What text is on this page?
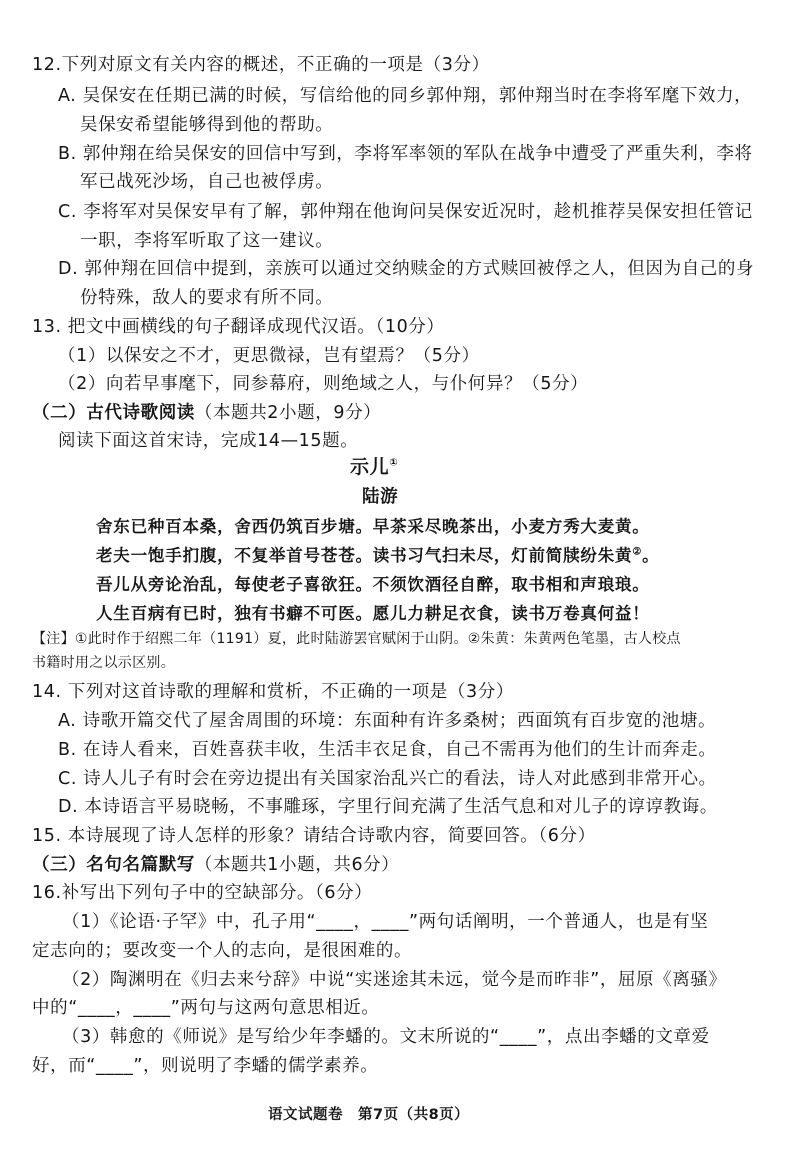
12.下列对原文有关内容的概述，不正确的一项是（3分）
A. 吴保安在任期已满的时候，写信给他的同乡郭仲翔，郭仲翔当时在李将军麾下效力，
吴保安希望能够得到他的帮助。
B. 郭仲翔在给吴保安的回信中写到，李将军率领的军队在战争中遭受了严重失利，李将
军已战死沙场，自己也被俘虏。
C. 李将军对吴保安早有了解，郭仲翔在他询问吴保安近况时，趁机推荐吴保安担任管记
一职，李将军听取了这一建议。
D. 郭仲翔在回信中提到，亲族可以通过交纳赎金的方式赎回被俘之人，但因为自己的身
份特殊，敌人的要求有所不同。
13. 把文中画横线的句子翻译成现代汉语。（10分）
（1）以保安之不才，更思微禄，岂有望焉？（5分）
（2）向若早事麾下，同参幕府，则绝域之人，与仆何异？（5分）
（二）古代诗歌阅读（本题共2小题，9分）
阅读下面这首宋诗，完成14—15题。
示儿①
陆游
舍东已种百本桑，舍西仍筑百步塘。早茶采尽晚茶出，小麦方秀大麦黄。
老夫一饱手扪腹，不复举首号苍苍。读书习气扫未尽，灯前简牍纷朱黄②。
吾儿从旁论治乱，每使老子喜欲狂。不须饮酒径自醉，取书相和声琅琅。
人生百病有已时，独有书癖不可医。愿儿力耕足衣食，读书万卷真何益！
【注】①此时作于绍熙二年（1191）夏，此时陆游罢官赋闲于山阴。②朱黄：朱黄两色笔墨，古人校点
书籍时用之以示区别。
14. 下列对这首诗歌的理解和赏析，不正确的一项是（3分）
A. 诗歌开篇交代了屋舍周围的环境：东面种有许多桑树；西面筑有百步宽的池塘。
B. 在诗人看来，百姓喜获丰收，生活丰衣足食，自己不需再为他们的生计而奔走。
C. 诗人儿子有时会在旁边提出有关国家治乱兴亡的看法，诗人对此感到非常开心。
D. 本诗语言平易晓畅，不事雕琢，字里行间充满了生活气息和对儿子的谆谆教诲。
15. 本诗展现了诗人怎样的形象？请结合诗歌内容，简要回答。（6分）
（三）名句名篇默写（本题共1小题，共6分）
16.补写出下列句子中的空缺部分。（6分）
（1）《论语·子罕》中，孔子用“____，____”两句话阐明，一个普通人，也是有坚
定志向的；要改变一个人的志向，是很困难的。
（2）陶渊明在《归去来兮辞》中说“实迷途其未远，觉今是而昨非”，屈原《离骚》
中的“____，____”两句与这两句意思相近。
（3）韩愈的《师说》是写给少年李蟠的。文末所说的“____”，点出李蟠的文章爱
好，而“____”，则说明了李蟠的儒学素养。
语文试题卷　第7页（共8页）
